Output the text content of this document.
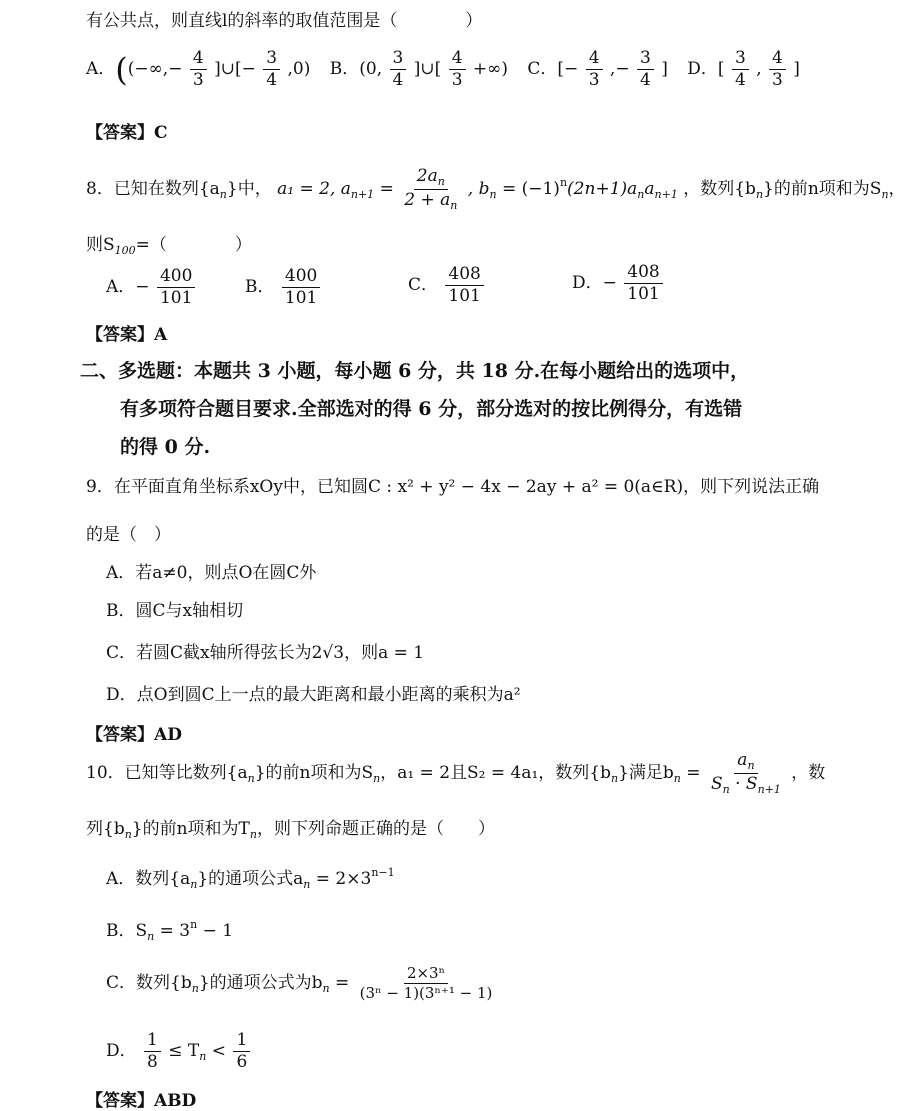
有公共点，则直线l的斜率的取值范围是（　　　　）
A．((−∞,− $\frac{4}{3}$ ]∪[− $\frac{3}{4} ,0$) B．(0, $\frac{3}{4}$ ]∪[ $\frac{4}{3}$ +∞) C．[− $\frac{4}{3}$ ,− $\frac{3}{4}$ ] D．[ $\frac{3}{4}$ , $\frac{4}{3}$ ]
【答案】C
8．已知在数列$\{a_n\}$中， a₁ = 2, $a_{n+1} = \frac{2a_n}{2 + a_n}$ , $b_n = (-1)^n(2n+1)a_na_{n+1}$ ，数列$\{b_n\}$的前n项和为$S_n$，
则$S_{100}=$（　　　　）
A．− $\frac{400}{101}$	B． $\frac{400}{101}$	C． $\frac{408}{101}$	D．− $\frac{408}{101}$
【答案】A
二、多选题：本题共 3 小题，每小题 6 分，共 18 分.在每小题给出的选项中，
有多项符合题目要求.全部选对的得 6 分，部分选对的按比例得分，有选错
的得 0 分.
9．在平面直角坐标系xOy中，已知圆C : x² + y² − 4x − 2ay + a² = 0(a∈R)，则下列说法正确
的是（　）
A．若a≠0，则点O在圆C外
B．圆C与x轴相切
C．若圆C截x轴所得弦长为2√3，则a = 1
D．点O到圆C上一点的最大距离和最小距离的乘积为a²
【答案】AD
10．已知等比数列$\{a_n\}$的前n项和为$S_n$，a₁ = 2且S₂ = 4a₁，数列$\{b_n\}$满足$b_n = \frac{a_n}{S_n \cdot S_{n+1}}$ ，数
列$\{b_n\}$的前n项和为$T_n$，则下列命题正确的是（　　）
A．数列$\{a_n\}$的通项公式$a_n = 2\times 3^{n-1}$
B．$S_n = 3^n - 1$
C．数列$\{b_n\}$的通项公式为$b_n = \frac{\text{2×3ⁿ}}{\text{(3ⁿ − 1)(3ⁿ⁺¹ − 1)}}$
D． $\frac{1}{8} \le T_n < \frac{1}{6}$
【答案】ABD
